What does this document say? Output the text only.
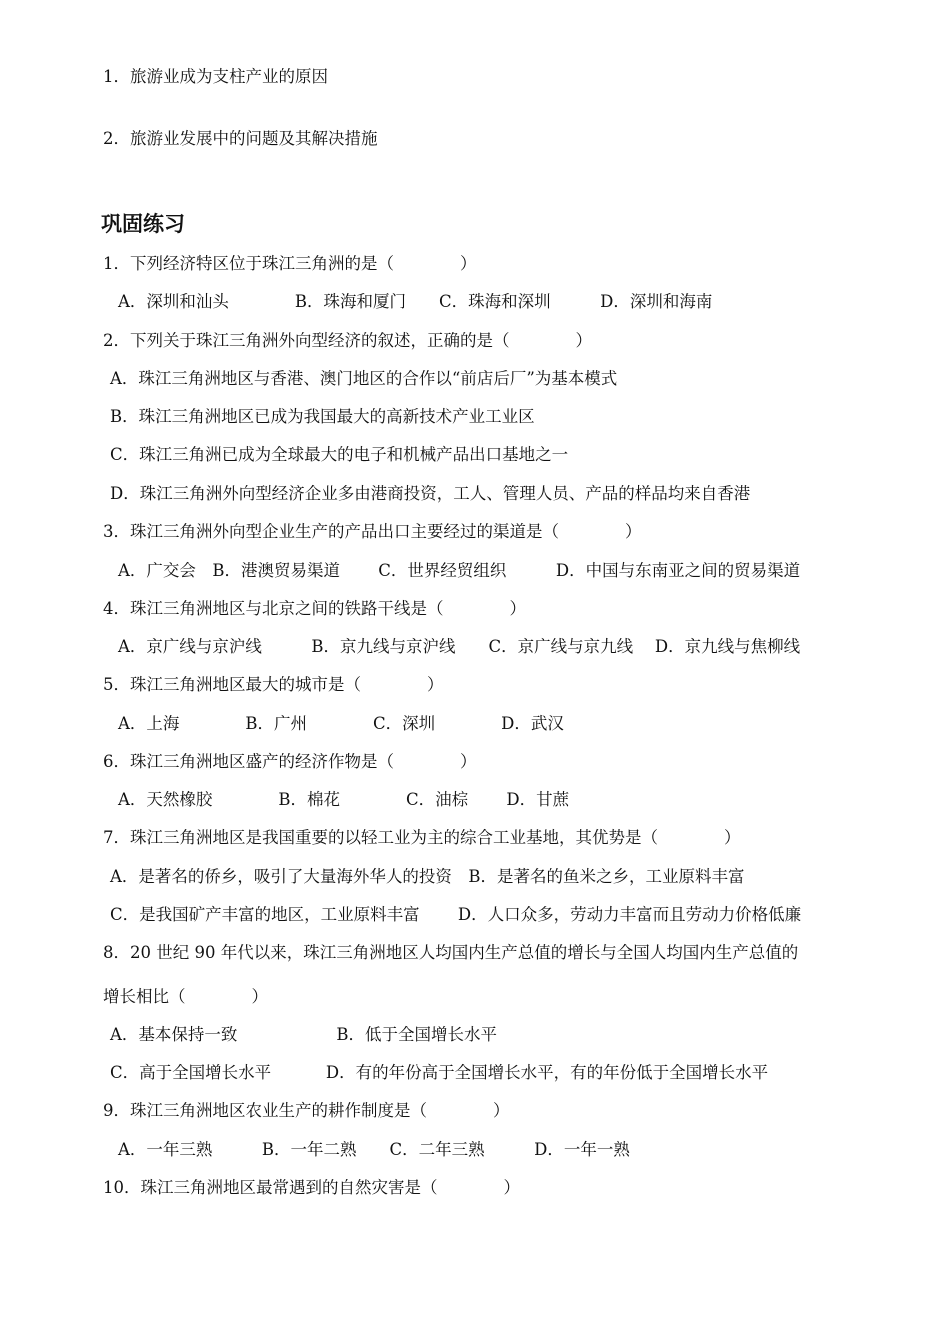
1．旅游业成为支柱产业的原因
2．旅游业发展中的问题及其解决措施
巩固练习
1．下列经济特区位于珠江三角洲的是（　　　　）
A．深圳和汕头　　　　B．珠海和厦门　　C．珠海和深圳　　　D．深圳和海南
2．下列关于珠江三角洲外向型经济的叙述，正确的是（　　　　）
A．珠江三角洲地区与香港、澳门地区的合作以“前店后厂”为基本模式
B．珠江三角洲地区已成为我国最大的高新技术产业工业区
C．珠江三角洲已成为全球最大的电子和机械产品出口基地之一
D．珠江三角洲外向型经济企业多由港商投资，工人、管理人员、产品的样品均来自香港
3．珠江三角洲外向型企业生产的产品出口主要经过的渠道是（　　　　）
A．广交会　B．港澳贸易渠道　　 C．世界经贸组织　　　D．中国与东南亚之间的贸易渠道
4．珠江三角洲地区与北京之间的铁路干线是（　　　　）
A．京广线与京沪线　　　B．京九线与京沪线　　C．京广线与京九线　 D．京九线与焦柳线
5．珠江三角洲地区最大的城市是（　　　　）
A．上海　　　　B．广州　　　　C．深圳　　　　D．武汉
6．珠江三角洲地区盛产的经济作物是（　　　　）
A．天然橡胶　　　　B．棉花　　　　C．油棕　　 D．甘蔗
7．珠江三角洲地区是我国重要的以轻工业为主的综合工业基地，其优势是（　　　　）
A．是著名的侨乡，吸引了大量海外华人的投资　B．是著名的鱼米之乡，工业原料丰富
C．是我国矿产丰富的地区，工业原料丰富　　 D．人口众多，劳动力丰富而且劳动力价格低廉
8．20 世纪 90 年代以来，珠江三角洲地区人均国内生产总值的增长与全国人均国内生产总值的
增长相比（　　　　）
A．基本保持一致　　　　　　B．低于全国增长水平
C．高于全国增长水平　　　 D．有的年份高于全国增长水平，有的年份低于全国增长水平
9．珠江三角洲地区农业生产的耕作制度是（　　　　）
A．一年三熟　　　B．一年二熟　　C．二年三熟　　　D．一年一熟
10．珠江三角洲地区最常遇到的自然灾害是（　　　　）
